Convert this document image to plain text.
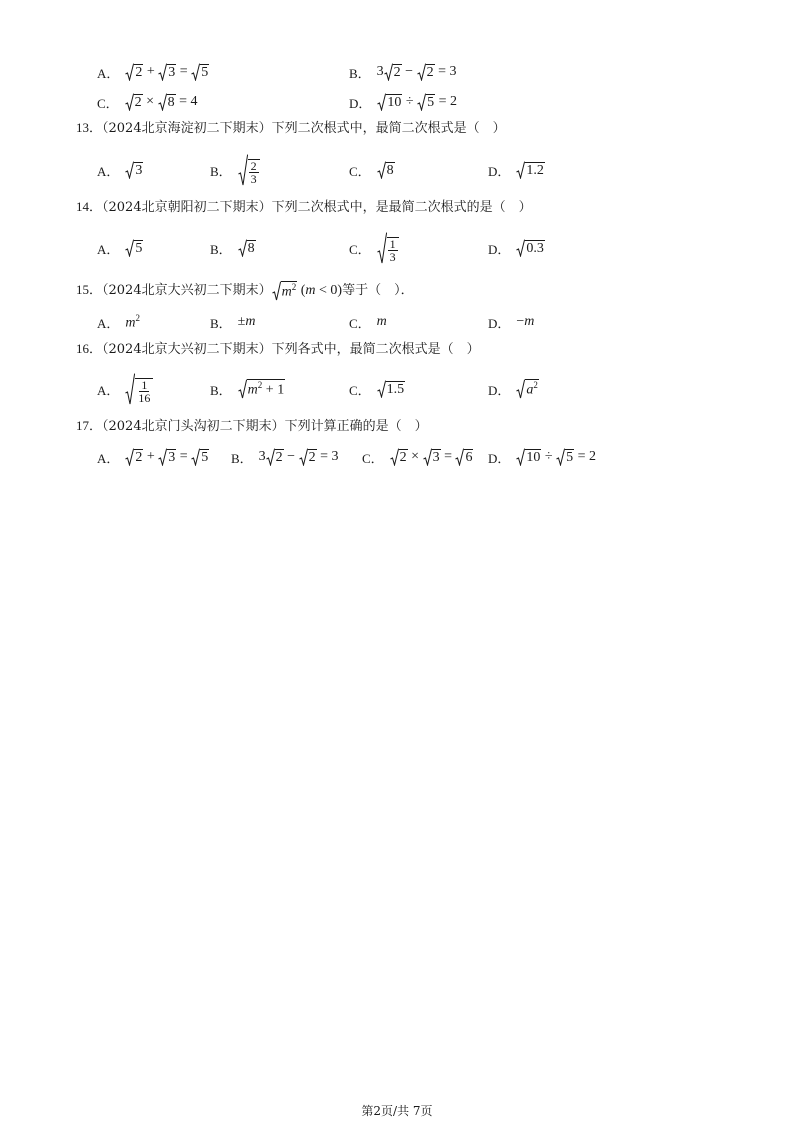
A． 2 + 3 = 5	B． 3 2 − 2 = 3
C． 2 × 8 = 4	D． 10 ÷ 5 = 2
13．（2024北京海淀初二下期末）下列二次根式中，最简二次根式是（　）
A． 3	B． $\frac{2}{3}$	C． 8	D． 1.2
14．（2024北京朝阳初二下期末）下列二次根式中，是最简二次根式的是（　）
A． 5	B． 8	C． $\frac{1}{3}$	D． 0.3
15．（2024北京大兴初二下期末） $m^2$ (m < 0)等于（　）．
A． $m^2$	B． ±m	C． m	D． −m
16．（2024北京大兴初二下期末）下列各式中，最简二次根式是（　）
A． $\frac{1}{16}$	B． $m^2 + 1$	C． 1.5	D． $a^2$
17．（2024北京门头沟初二下期末）下列计算正确的是（　）
A． 2 + 3 = 5 B． 3 2 − 2 = 3 C． 2 × 3 = 6 D． 10 ÷ 5 = 2
第2页/共 7页
